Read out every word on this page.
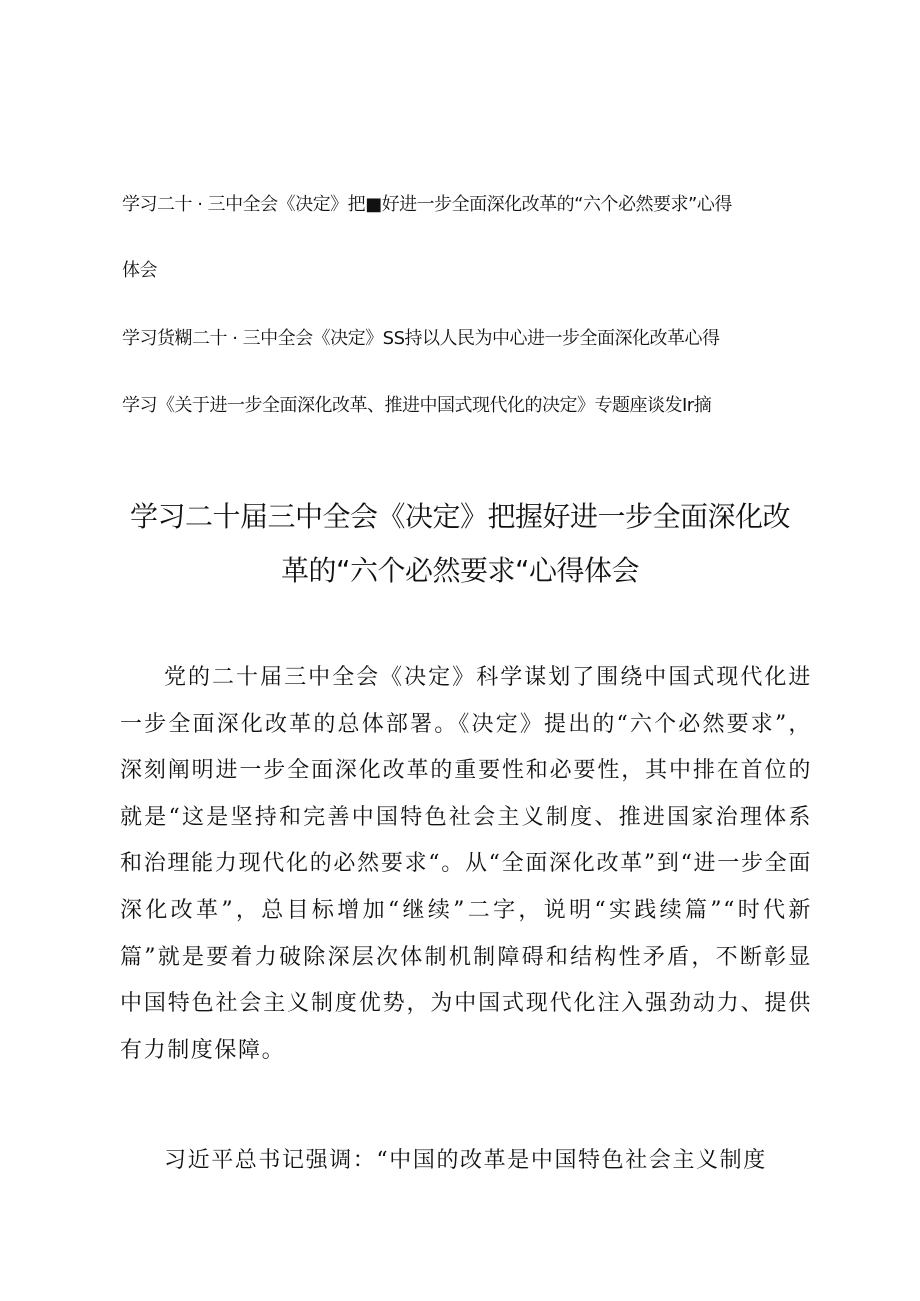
学习二十 · 三中全会《决定》把■好进一步全面深化改革的“六个必然要求”心得
体会
学习货糊二十 · 三中全会《决定》SS持以人民为中心进一步全面深化改革心得
学习《关于进一步全面深化改革、推进中国式现代化的决定》专题座谈发Ir摘
学习二十届三中全会《决定》把握好进一步全面深化改
革的“六个必然要求“心得体会

党的二十届三中全会《决定》科学谋划了围绕中国式现代化进一步全面深化改革的总体部署。《决定》提出的“六个必然要求”，深刻阐明进一步全面深化改革的重要性和必要性，其中排在首位的就是“这是坚持和完善中国特色社会主义制度、推进国家治理体系和治理能力现代化的必然要求“。从“全面深化改革”到“进一步全面深化改革”，总目标增加“继续”二字，说明“实践续篇”“时代新篇”就是要着力破除深层次体制机制障碍和结构性矛盾，不断彰显中国特色社会主义制度优势，为中国式现代化注入强劲动力、提供有力制度保障。

习近平总书记强调：“中国的改革是中国特色社会主义制度
